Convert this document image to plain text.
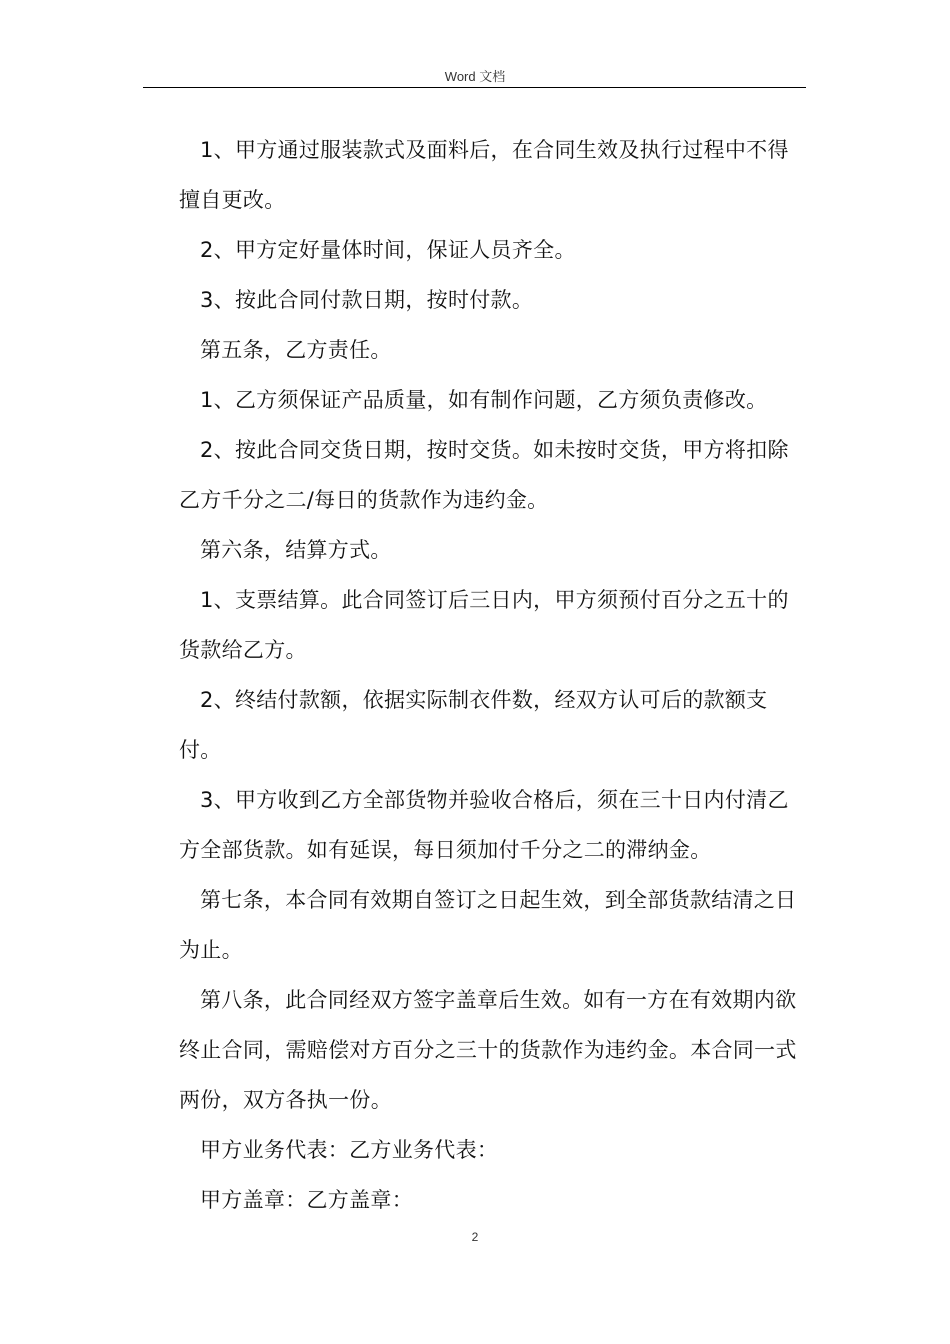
Word 文档

1、甲方通过服装款式及面料后，在合同生效及执行过程中不得擅自更改。

2、甲方定好量体时间，保证人员齐全。

3、按此合同付款日期，按时付款。

第五条，乙方责任。

1、乙方须保证产品质量，如有制作问题，乙方须负责修改。

2、按此合同交货日期，按时交货。如未按时交货，甲方将扣除乙方千分之二/每日的货款作为违约金。

第六条，结算方式。

1、支票结算。此合同签订后三日内，甲方须预付百分之五十的货款给乙方。

2、终结付款额，依据实际制衣件数，经双方认可后的款额支付。

3、甲方收到乙方全部货物并验收合格后，须在三十日内付清乙方全部货款。如有延误，每日须加付千分之二的滞纳金。

第七条，本合同有效期自签订之日起生效，到全部货款结清之日为止。

第八条，此合同经双方签字盖章后生效。如有一方在有效期内欲终止合同，需赔偿对方百分之三十的货款作为违约金。本合同一式两份，双方各执一份。

甲方业务代表：乙方业务代表：

甲方盖章：乙方盖章：

2
